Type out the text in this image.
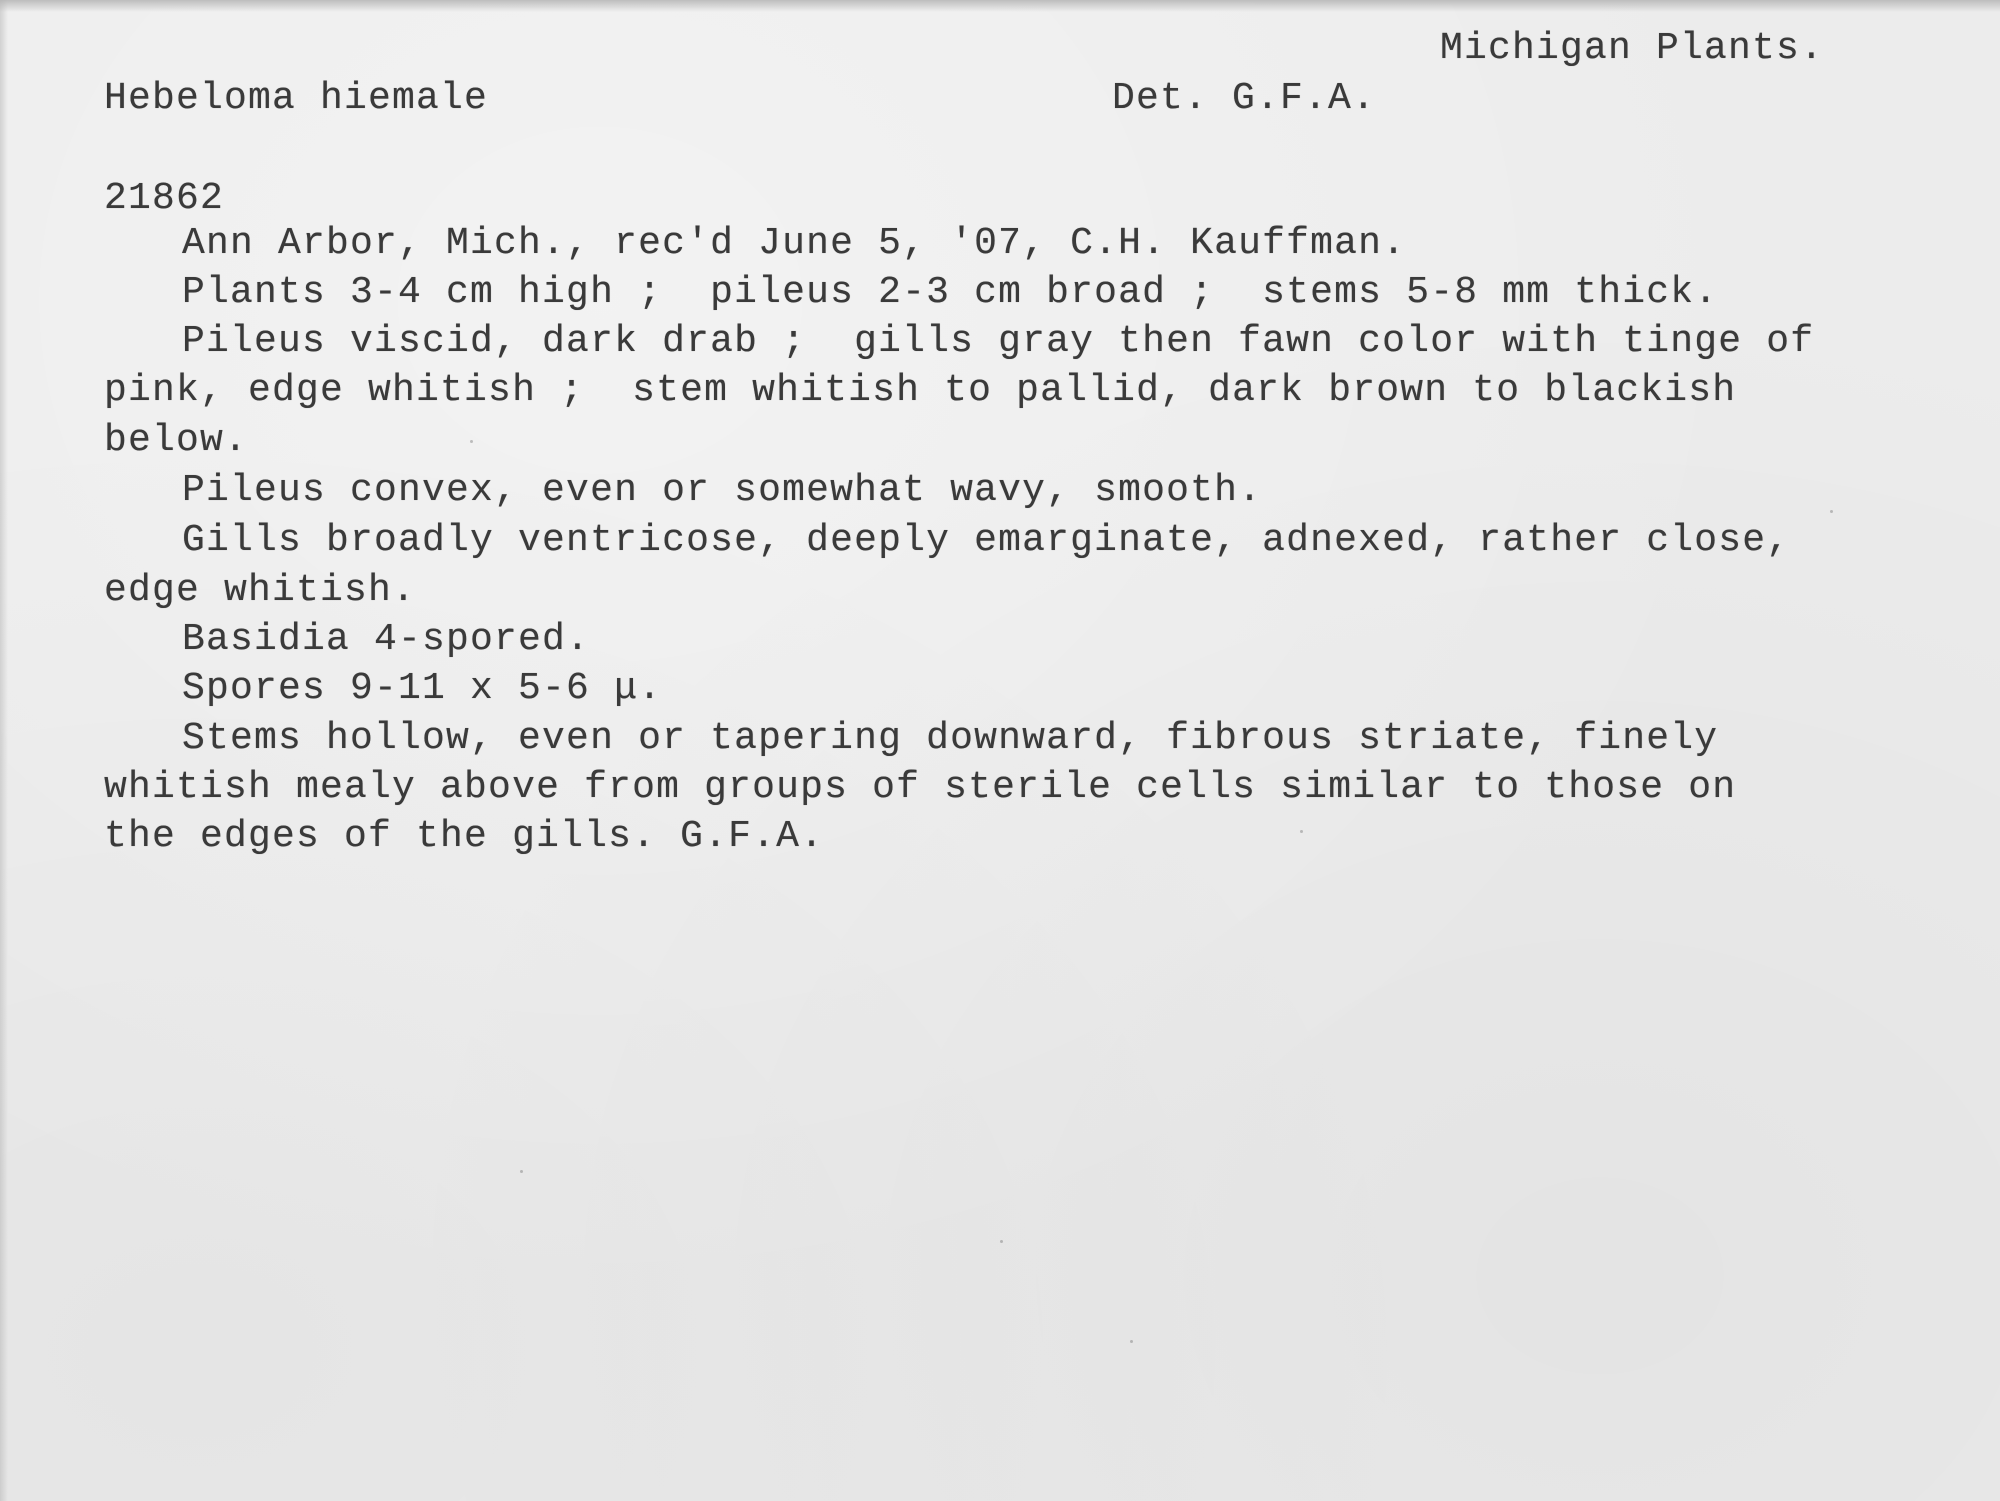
Michigan Plants.
Hebeloma hiemale	Det. G.F.A.
21862
Ann Arbor, Mich., rec'd June 5, '07, C.H. Kauffman.
Plants 3-4 cm high ;  pileus 2-3 cm broad ;  stems 5-8 mm thick.
Pileus viscid, dark drab ;  gills gray then fawn color with tinge of
pink, edge whitish ;  stem whitish to pallid, dark brown to blackish
below.
Pileus convex, even or somewhat wavy, smooth.
Gills broadly ventricose, deeply emarginate, adnexed, rather close,
edge whitish.
Basidia 4-spored.
Spores 9-11 x 5-6 μ.
Stems hollow, even or tapering downward, fibrous striate, finely
whitish mealy above from groups of sterile cells similar to those on
the edges of the gills. G.F.A.
